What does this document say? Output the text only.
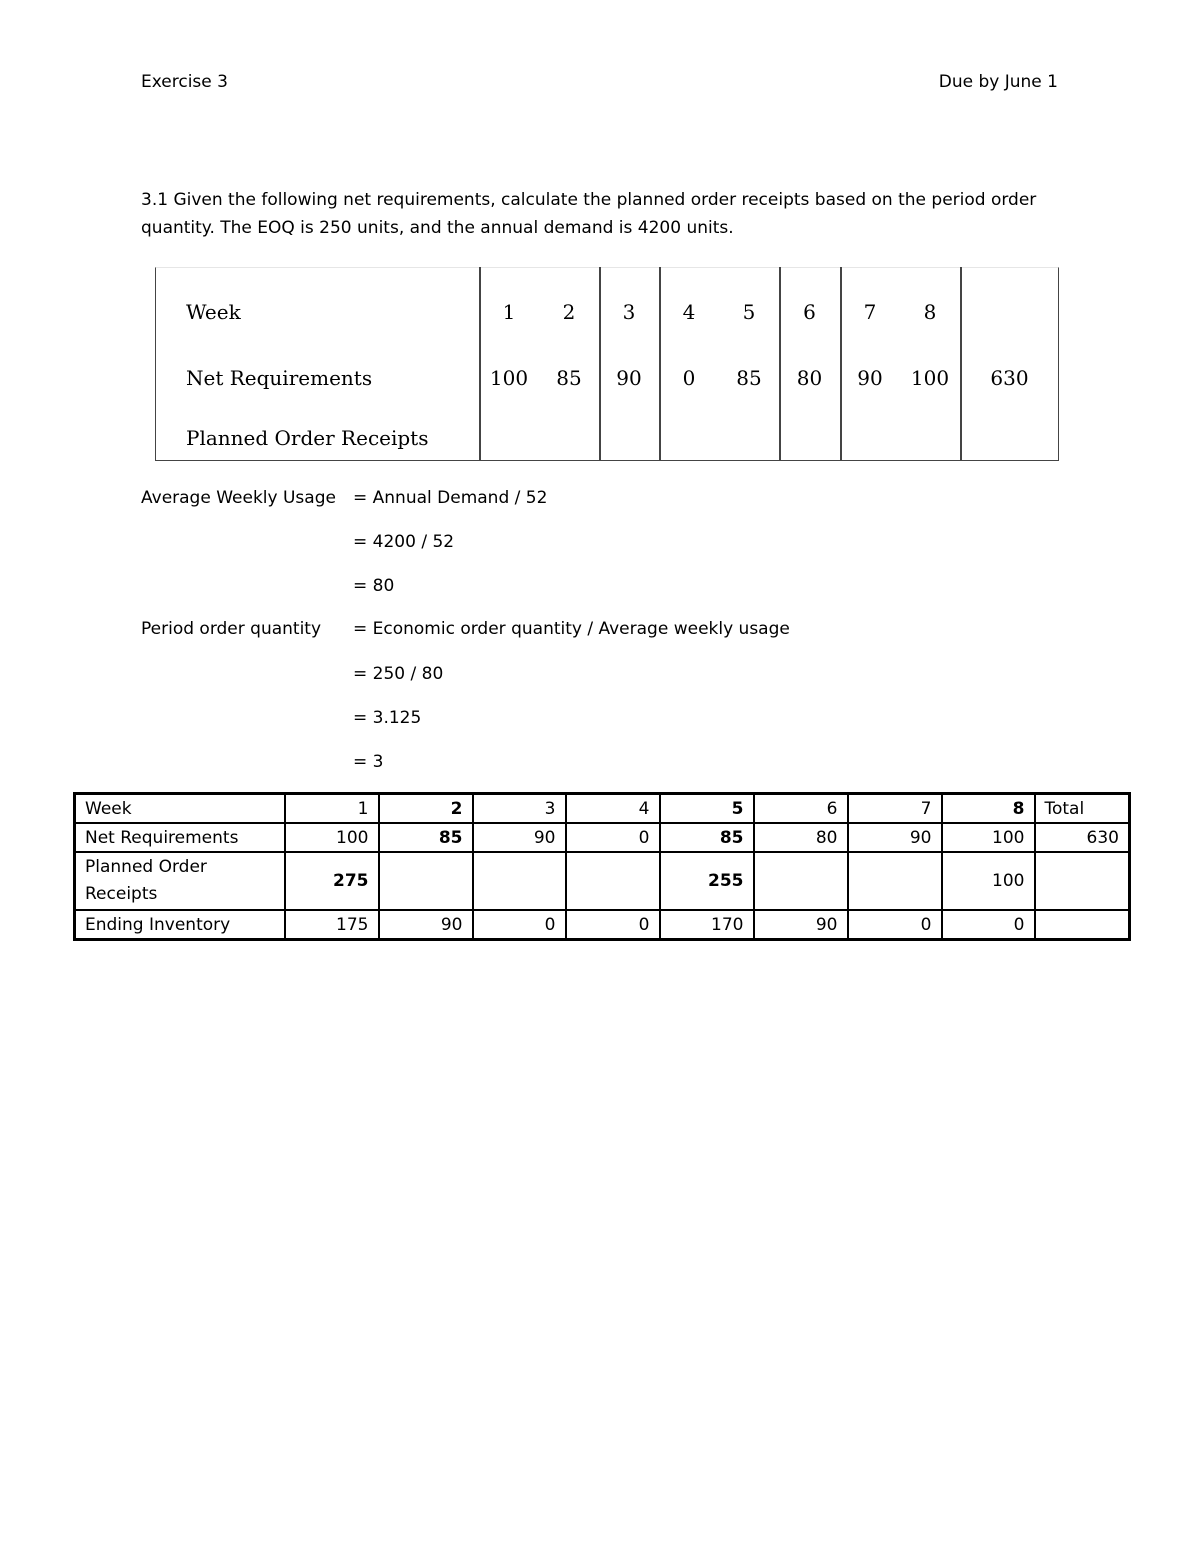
Exercise 3	Due by June 1
3.1 Given the following net requirements, calculate the planned order receipts based on the period order quantity. The EOQ is 250 units, and the annual demand is 4200 units.
Week	1	2	3	4	5	6	7	8	
Net Requirements	100	85	90	0	85	80	90	100	630
Planned Order Receipts									
Average Weekly Usage = Annual Demand / 52
= 4200 / 52
= 80
Period order quantity = Economic order quantity / Average weekly usage
= 250 / 80
= 3.125
= 3
Week	1	2	3	4	5	6	7	8	Total
Net Requirements	100	85	90	0	85	80	90	100	630
Planned Order Receipts	275				255			100	
Ending Inventory	175	90	0	0	170	90	0	0	
